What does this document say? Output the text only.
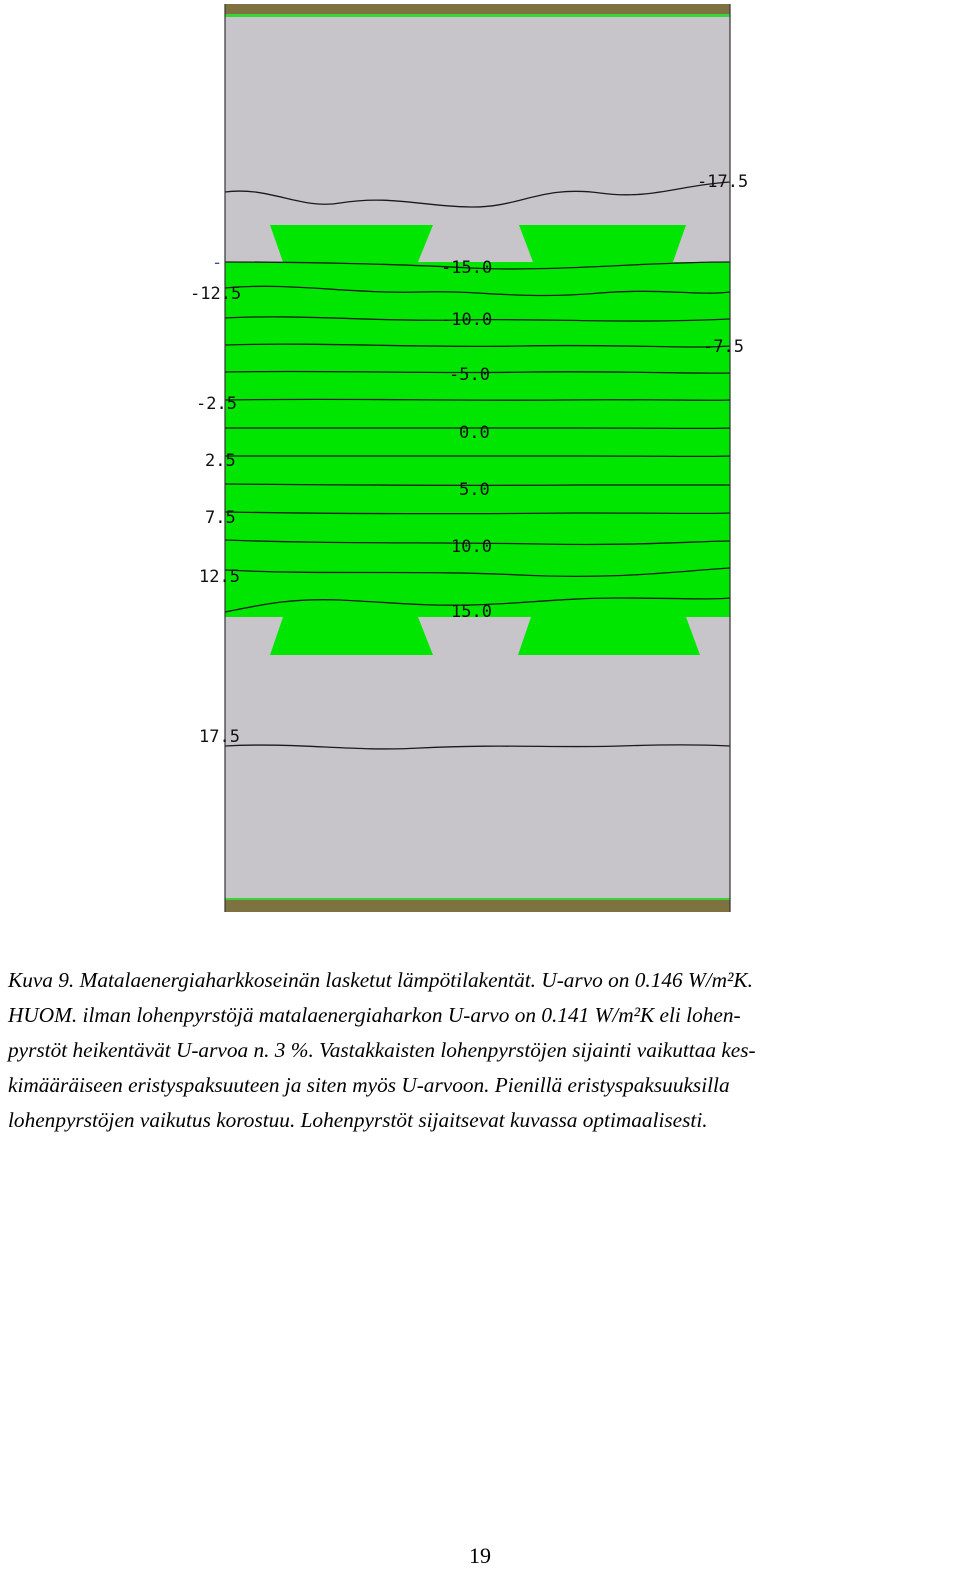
-17.5
-15.0
-12.5
-10.0
-7.5
-5.0
-2.5
0.0
2.5
5.0
7.5
10.0
12.5
15.0
17.5
-

Kuva 9. Matalaenergiaharkkoseinän lasketut lämpötilakentät. U-arvo on 0.146 W/m²K.
HUOM. ilman lohenpyrstöjä matalaenergiaharkon U-arvo on 0.141 W/m²K eli lohen-
pyrstöt heikentävät U-arvoa n. 3 %. Vastakkaisten lohenpyrstöjen sijainti vaikuttaa kes-
kimääräiseen eristyspaksuuteen ja siten myös U-arvoon. Pienillä eristyspaksuuksilla
lohenpyrstöjen vaikutus korostuu. Lohenpyrstöt sijaitsevat kuvassa optimaalisesti.

19
